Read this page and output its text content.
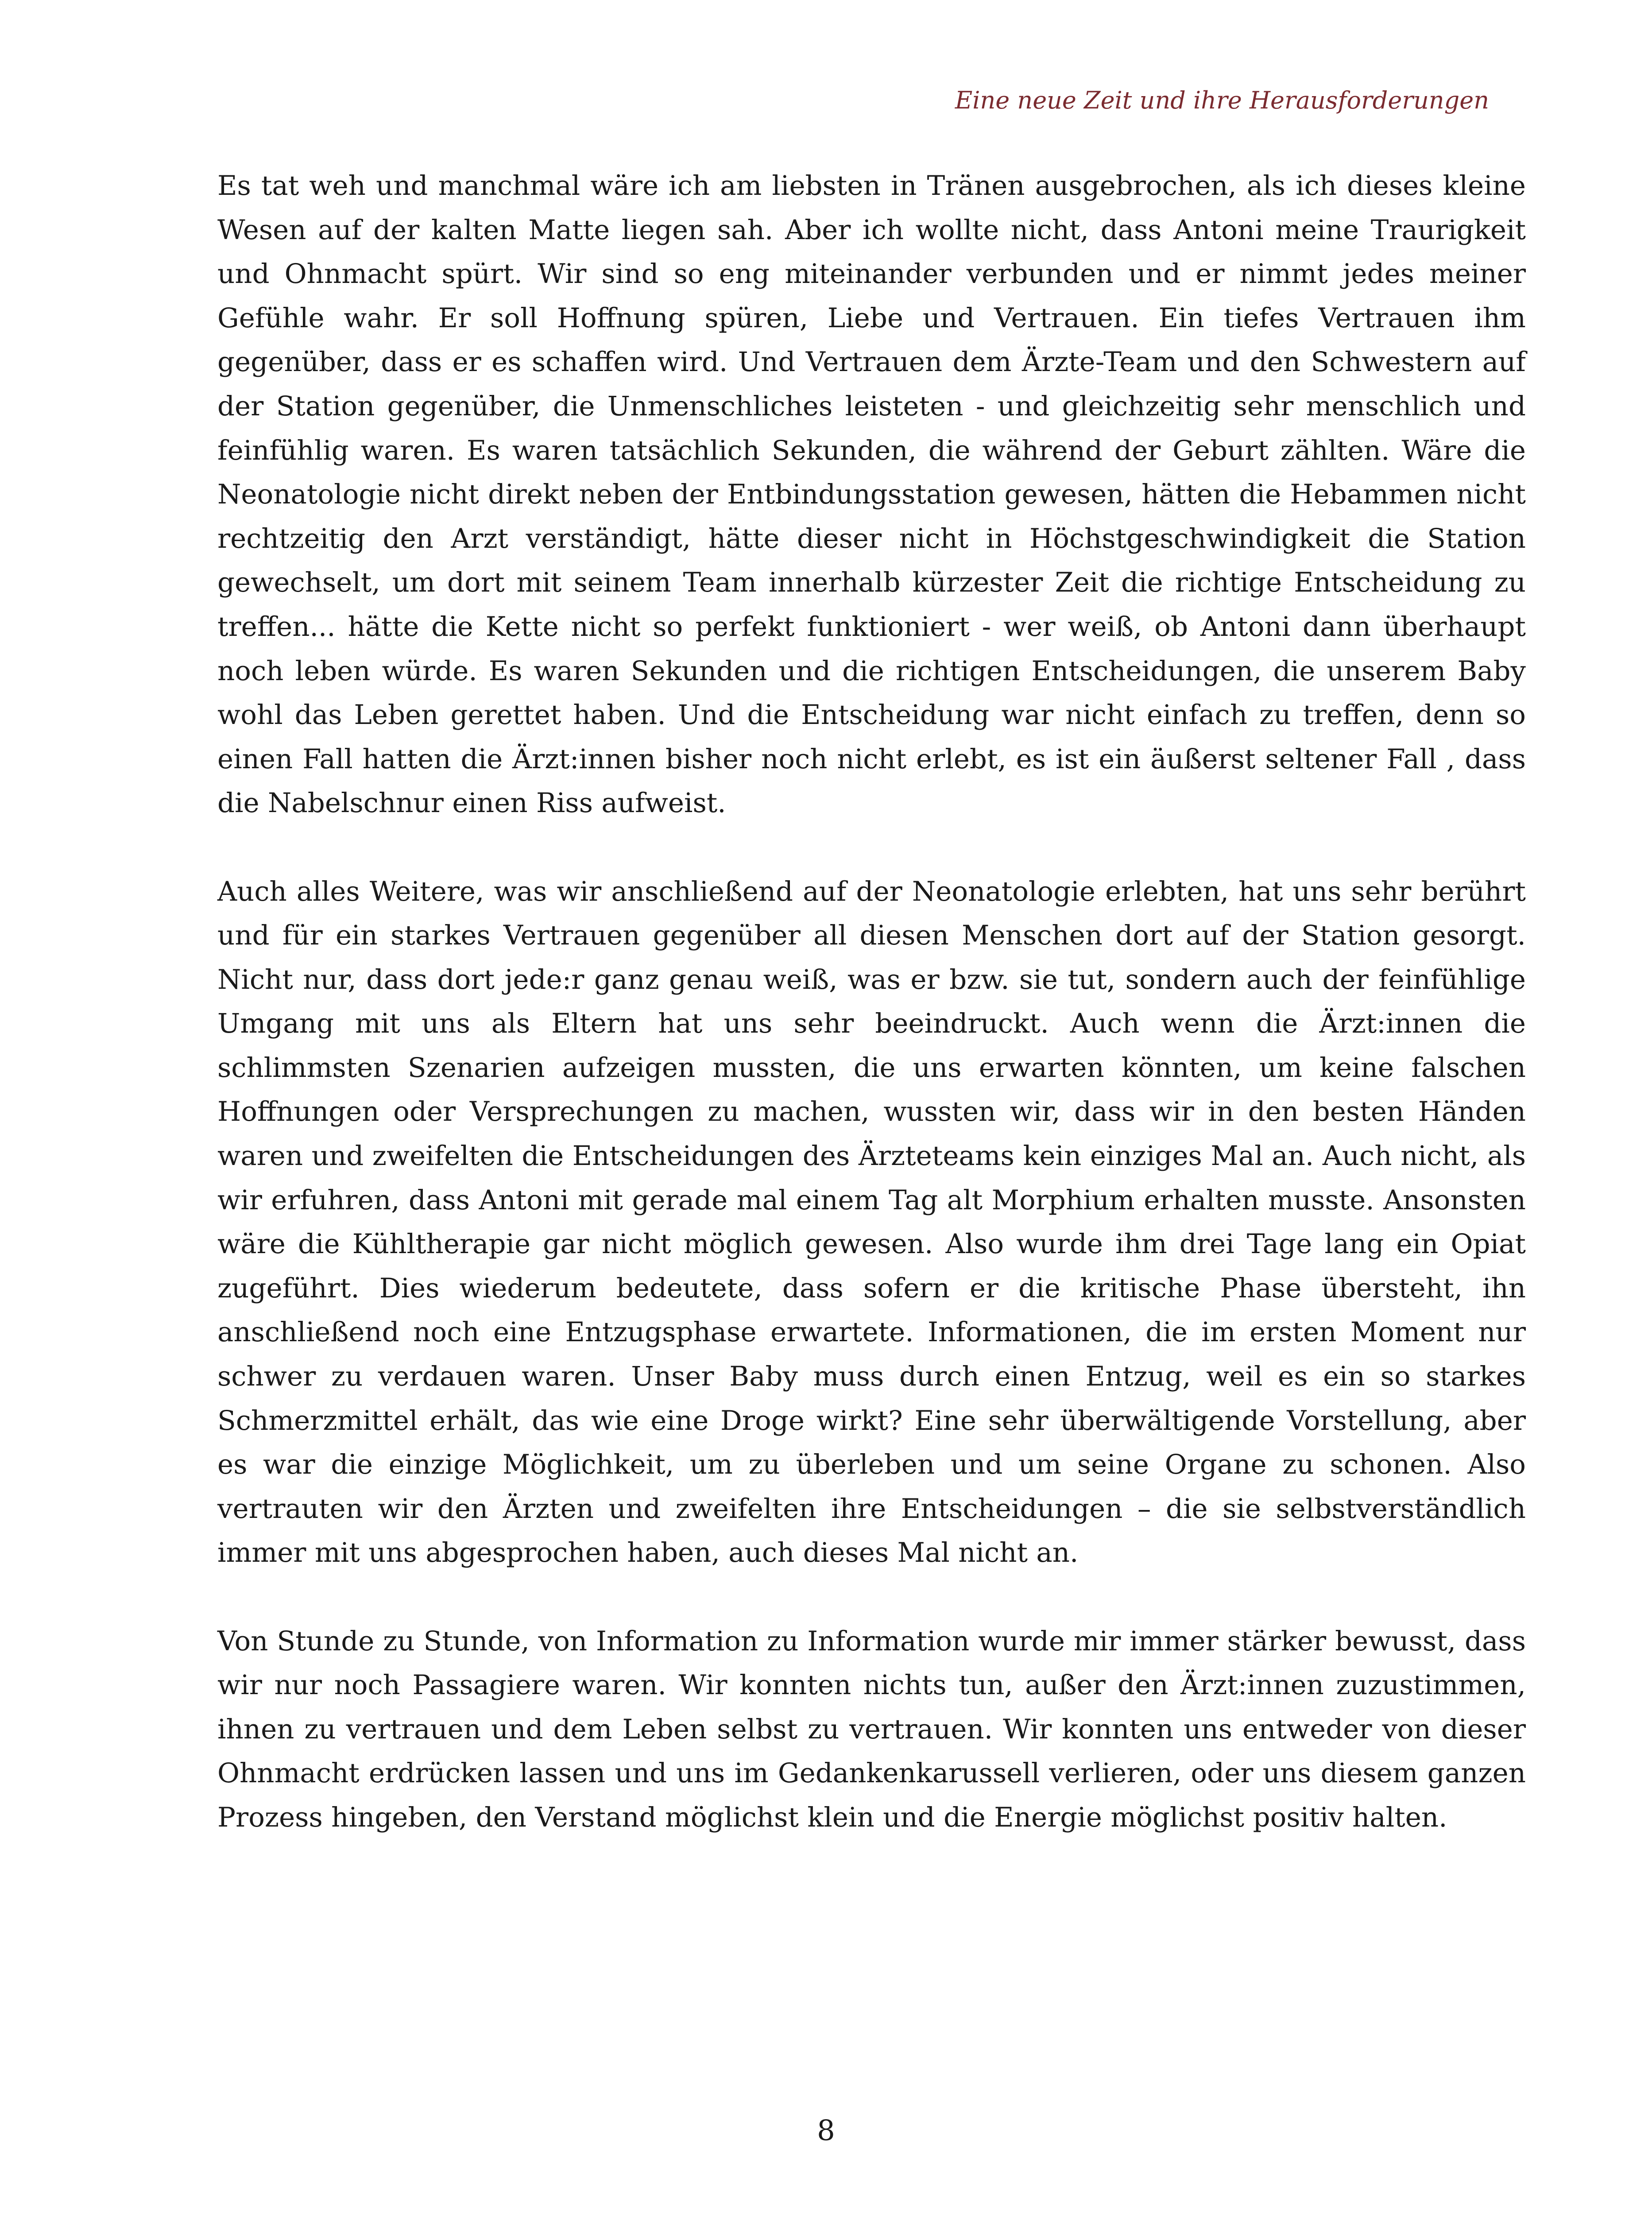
Eine neue Zeit und ihre Herausforderungen

Es tat weh und manchmal wäre ich am liebsten in Tränen ausgebrochen, als ich dieses kleine Wesen auf der kalten Matte liegen sah. Aber ich wollte nicht, dass Antoni meine Traurigkeit und Ohnmacht spürt. Wir sind so eng miteinander verbunden und er nimmt jedes meiner Gefühle wahr. Er soll Hoffnung spüren, Liebe und Vertrauen. Ein tiefes Vertrauen ihm gegenüber, dass er es schaffen wird. Und Vertrauen dem Ärzte-Team und den Schwestern auf der Station gegenüber, die Unmenschliches leisteten - und gleichzeitig sehr menschlich und feinfühlig waren. Es waren tatsächlich Sekunden, die während der Geburt zählten. Wäre die Neonatologie nicht direkt neben der Entbindungsstation gewesen, hätten die Hebammen nicht rechtzeitig den Arzt verständigt, hätte dieser nicht in Höchstgeschwindigkeit die Station gewechselt, um dort mit seinem Team innerhalb kürzester Zeit die richtige Entscheidung zu treffen... hätte die Kette nicht so perfekt funktioniert - wer weiß, ob Antoni dann überhaupt noch leben würde. Es waren Sekunden und die richtigen Entscheidungen, die unserem Baby wohl das Leben gerettet haben. Und die Entscheidung war nicht einfach zu treffen, denn so einen Fall hatten die Ärzt:innen bisher noch nicht erlebt, es ist ein äußerst seltener Fall , dass die Nabelschnur einen Riss aufweist.

Auch alles Weitere, was wir anschließend auf der Neonatologie erlebten, hat uns sehr berührt und für ein starkes Vertrauen gegenüber all diesen Menschen dort auf der Station gesorgt. Nicht nur, dass dort jede:r ganz genau weiß, was er bzw. sie tut, sondern auch der feinfühlige Umgang mit uns als Eltern hat uns sehr beeindruckt. Auch wenn die Ärzt:innen die schlimmsten Szenarien aufzeigen mussten, die uns erwarten könnten, um keine falschen Hoffnungen oder Versprechungen zu machen, wussten wir, dass wir in den besten Händen waren und zweifelten die Entscheidungen des Ärzteteams kein einziges Mal an. Auch nicht, als wir erfuhren, dass Antoni mit gerade mal einem Tag alt Morphium erhalten musste. Ansonsten wäre die Kühltherapie gar nicht möglich gewesen. Also wurde ihm drei Tage lang ein Opiat zugeführt. Dies wiederum bedeutete, dass sofern er die kritische Phase übersteht, ihn anschließend noch eine Entzugsphase erwartete. Informationen, die im ersten Moment nur schwer zu verdauen waren. Unser Baby muss durch einen Entzug, weil es ein so starkes Schmerzmittel erhält, das wie eine Droge wirkt? Eine sehr überwältigende Vorstellung, aber es war die einzige Möglichkeit, um zu überleben und um seine Organe zu schonen. Also vertrauten wir den Ärzten und zweifelten ihre Entscheidungen – die sie selbstverständlich immer mit uns abgesprochen haben, auch dieses Mal nicht an.

Von Stunde zu Stunde, von Information zu Information wurde mir immer stärker bewusst, dass wir nur noch Passagiere waren. Wir konnten nichts tun, außer den Ärzt:innen zuzustimmen, ihnen zu vertrauen und dem Leben selbst zu vertrauen. Wir konnten uns entweder von dieser Ohnmacht erdrücken lassen und uns im Gedankenkarussell verlieren, oder uns diesem ganzen Prozess hingeben, den Verstand möglichst klein und die Energie möglichst positiv halten.

8
